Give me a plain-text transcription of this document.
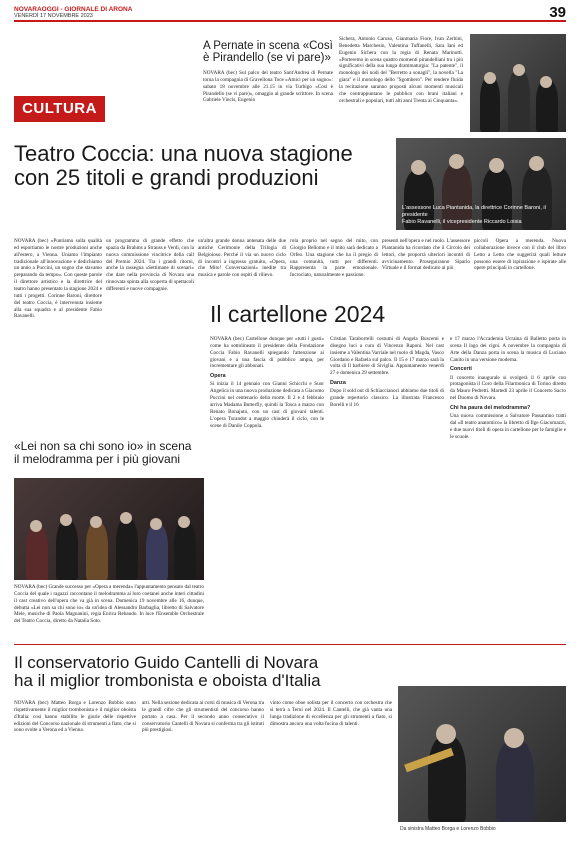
NOVARAOGGI - GIORNALE DI ARONA
VENERDÌ 17 NOVEMBRE 2023	39
CULTURA
A Pernate in scena «Così
è Pirandello (se vi pare)»
NOVARA (bec) Sul palco del teatro Sant'Andrea di Pernate torna la compagnia di Gravellona Toce «Amici per un sogno»: sabato 18 novembre alle 21.15 in via Turbigo «Così è Pirandello (se vi pare)», omaggio al grande scrittore. In scena Gabriele Vincis, Eugenio
Sichera, Antonio Caruso, Gianmaria Fiore, Ivan Zerbini, Benedetta Marchesin, Valentina Tuffanelli, Sara Iani ed Eugenio Sichera con la regia di Renata Marinotti. «Porteremo in scena quattro momenti pirandelliani tra i più significativi della sua lunga drammaturgia: "La patente", il monologo dei nodi del "Berretto a sonagli", la novella "La giara" e il monologo dello "Sgombero". Per rendere fluida la recitazione saranno proposti alcuni momenti musicali che contrappuntano le pubblico con brani italiani e orchestrali e popolari, tutti alti anni Trenta ai Cinquanta».
Teatro Coccia: una nuova stagione
con 25 titoli e grandi produzioni
L'assessore Luca Piantanida, la direttrice Corinne Baroni, il presidente
Fabio Ravanelli, il vicepresidente Riccardo Loisia
NOVARA (bec) «Puntiamo sulla qualità ed esportiamo le nostre produzioni anche all'estero, a Vienna. Uniamo l'impianto tradizionale all'innovazione e dedichiamo un anno a Puccini, un sogno che stavamo preparando da tempo». Con queste parole il direttore artistico e la direttrice del teatro hanno presentato la stagione 2024 e tutti i progetti. Corinne Baroni, direttore del teatro Coccia, è intervenuta insieme alla sua squadra e al presidente Fabio Ravanelli.
un programma di grande effetto che spazia da Brahms a Strauss e Verdi, con la nuova commissione vincitrice della call del Premio 2024. Tra i grandi ritorni, anche la rassegna «Settimane di scenari» che dare nella provincia di Novara una rinnovata spinta alla scoperta di spettacoli differenti e nuove compagnie.
un'altra grande donna antenata delle due antiche Cerimonie della Trilogia di Belgioioso. Perché il via un nuovo ciclo di incontri a ingresso gratuito, «Opera, che Mito! Conversazioni» inedite tra musica e parole con ospiti di rilievo.
rola proprio nel segno del mito, con Giorgio Bellomo e il mito sarà dedicato a Orfeo. Una stagione che ha il pregio di una comunità, tutti per differenti. Rappresenta in parte emozionale. Incrociato, naturalmente e passione.
presenti nell'opera e nel ruolo. L'assessore Piantanida ha ricordato che il Circolo dei lettori, che proporrà ulteriori incontri di avvicinamento. Proseguiranno Sipario Virtuale e il format dedicato ai più
piccoli Opera a merenda. Nuova collaborazione invece con il club del libro Letto a Letto che suggerirà quali letture possono essere di ispirazione e ispirate alle opere principali in cartellone.
«Lei non sa chi sono io» in scena
il melodramma per i più giovani
NOVARA (bec) Grande successo per «Opera a merenda» l'appuntamento pensato dal teatro Coccia del quale i ragazzi raccontano il melodramma ai loro coetanei anche interi cittadini il cast creativo dell'opera che va già in scena. Domenica 19 novembre alle 16, dunque, debutta «Lei non sa chi sono io» da un'idea di Alessandro Barbaglia, libretto di Salvatore Mele, musiche di Paola Magnanini, regia Enrica Rebaudo. In luce l'Ensemble Orchestrale del Teatro Coccia, diretto da Natalia Soto.
Il cartellone 2024

NOVARA (bec) Cartellone dunque per «tutti i gusti» come ha sottolineato il presidente della Fondazione Coccia Fabio Ravanelli spiegando l'attenzione ai giovani e a una fascia di pubblico ampia, per incrementare gli abbonati.

Opera

Si inizia il 14 gennaio con Gianni Schicchi e Suor Angelica in una nuova produzione dedicata a Giacomo Puccini nel centenario della morte. Il 2 e 4 febbraio arriva Madama Butterfly, quindi la Tosca a marzo con Renato Bonajuto, con un cast di giovani talenti. L'opera Turandot a maggio chiuderà il ciclo, con le scene di Danilo Coppola.

Cristian Taraborrelli costumi di Angela Buscemi e disegno luci a cura di Vincenzo Raponi. Nel cast insieme a Valentina Varriale nel ruolo di Magda, Vasco Giordano e Rafaela sul palco. Il 15 e 17 marzo sarà la volta di Il barbiere di Siviglia. Appuntamento venerdì 27 e domenica 29 settembre.

Danza

Dopo il sold out di Schiaccianoci abbiamo due titoli di grande repertorio classico. La illustrata Francesco Borelli e il 16

e 17 marzo l'Accademia Ucraina di Balletto porta in scena Il lago dei cigni. A novembre la compagnia di Arte della Danza porta in scena la musica di Luciano Canito in una versione moderna.

Concerti

Il concerto inaugurale si svolgerà il 6 aprile con protagonista il Coro della Filarmonica di Torino diretto da Mauro Pedretti. Martedì 23 aprile il Concerto Sacro nel Duomo di Novara.

Chi ha paura del melodramma?

Una nuova commissione a Salvatore Passantino tratti dal «Il teatro anatomico» la libretto di Ilge Giacomazzi, e due nuovi titoli di opera in cartellone per le famiglie e le scuole.

Il conservatorio Guido Cantelli di Novara
ha il miglior trombonista e oboista d'Italia
NOVARA (bec) Matteo Borga e Lorenzo Bobbio sono rispettivamente il miglior trombonista e il miglior oboista d'Italia: così hanno stabilito le giurie delle rispettive edizioni del Concorso nazionale di strumenti a fiato, che si sono svolte a Verona ed a Vienna.
arti. Nella sezione dedicata ai corsi di musica di Verona tra le grandi cifre che gli strumentisti del concorso hanno portato a casa. Per il secondo anno consecutivo il conservatorio Cantelli di Novara si conferma tra gli istituti più prestigiosi.
vinto come oboe solista per il concerto con orchestra che si terrà a Terni nel 2024. Il Cantelli, che già vanta una lunga tradizione di eccellenza per gli strumenti a fiato, si dimostra ancora una volta fucina di talenti.
Da sinistra Matteo Borga e Lorenzo Bobbio
